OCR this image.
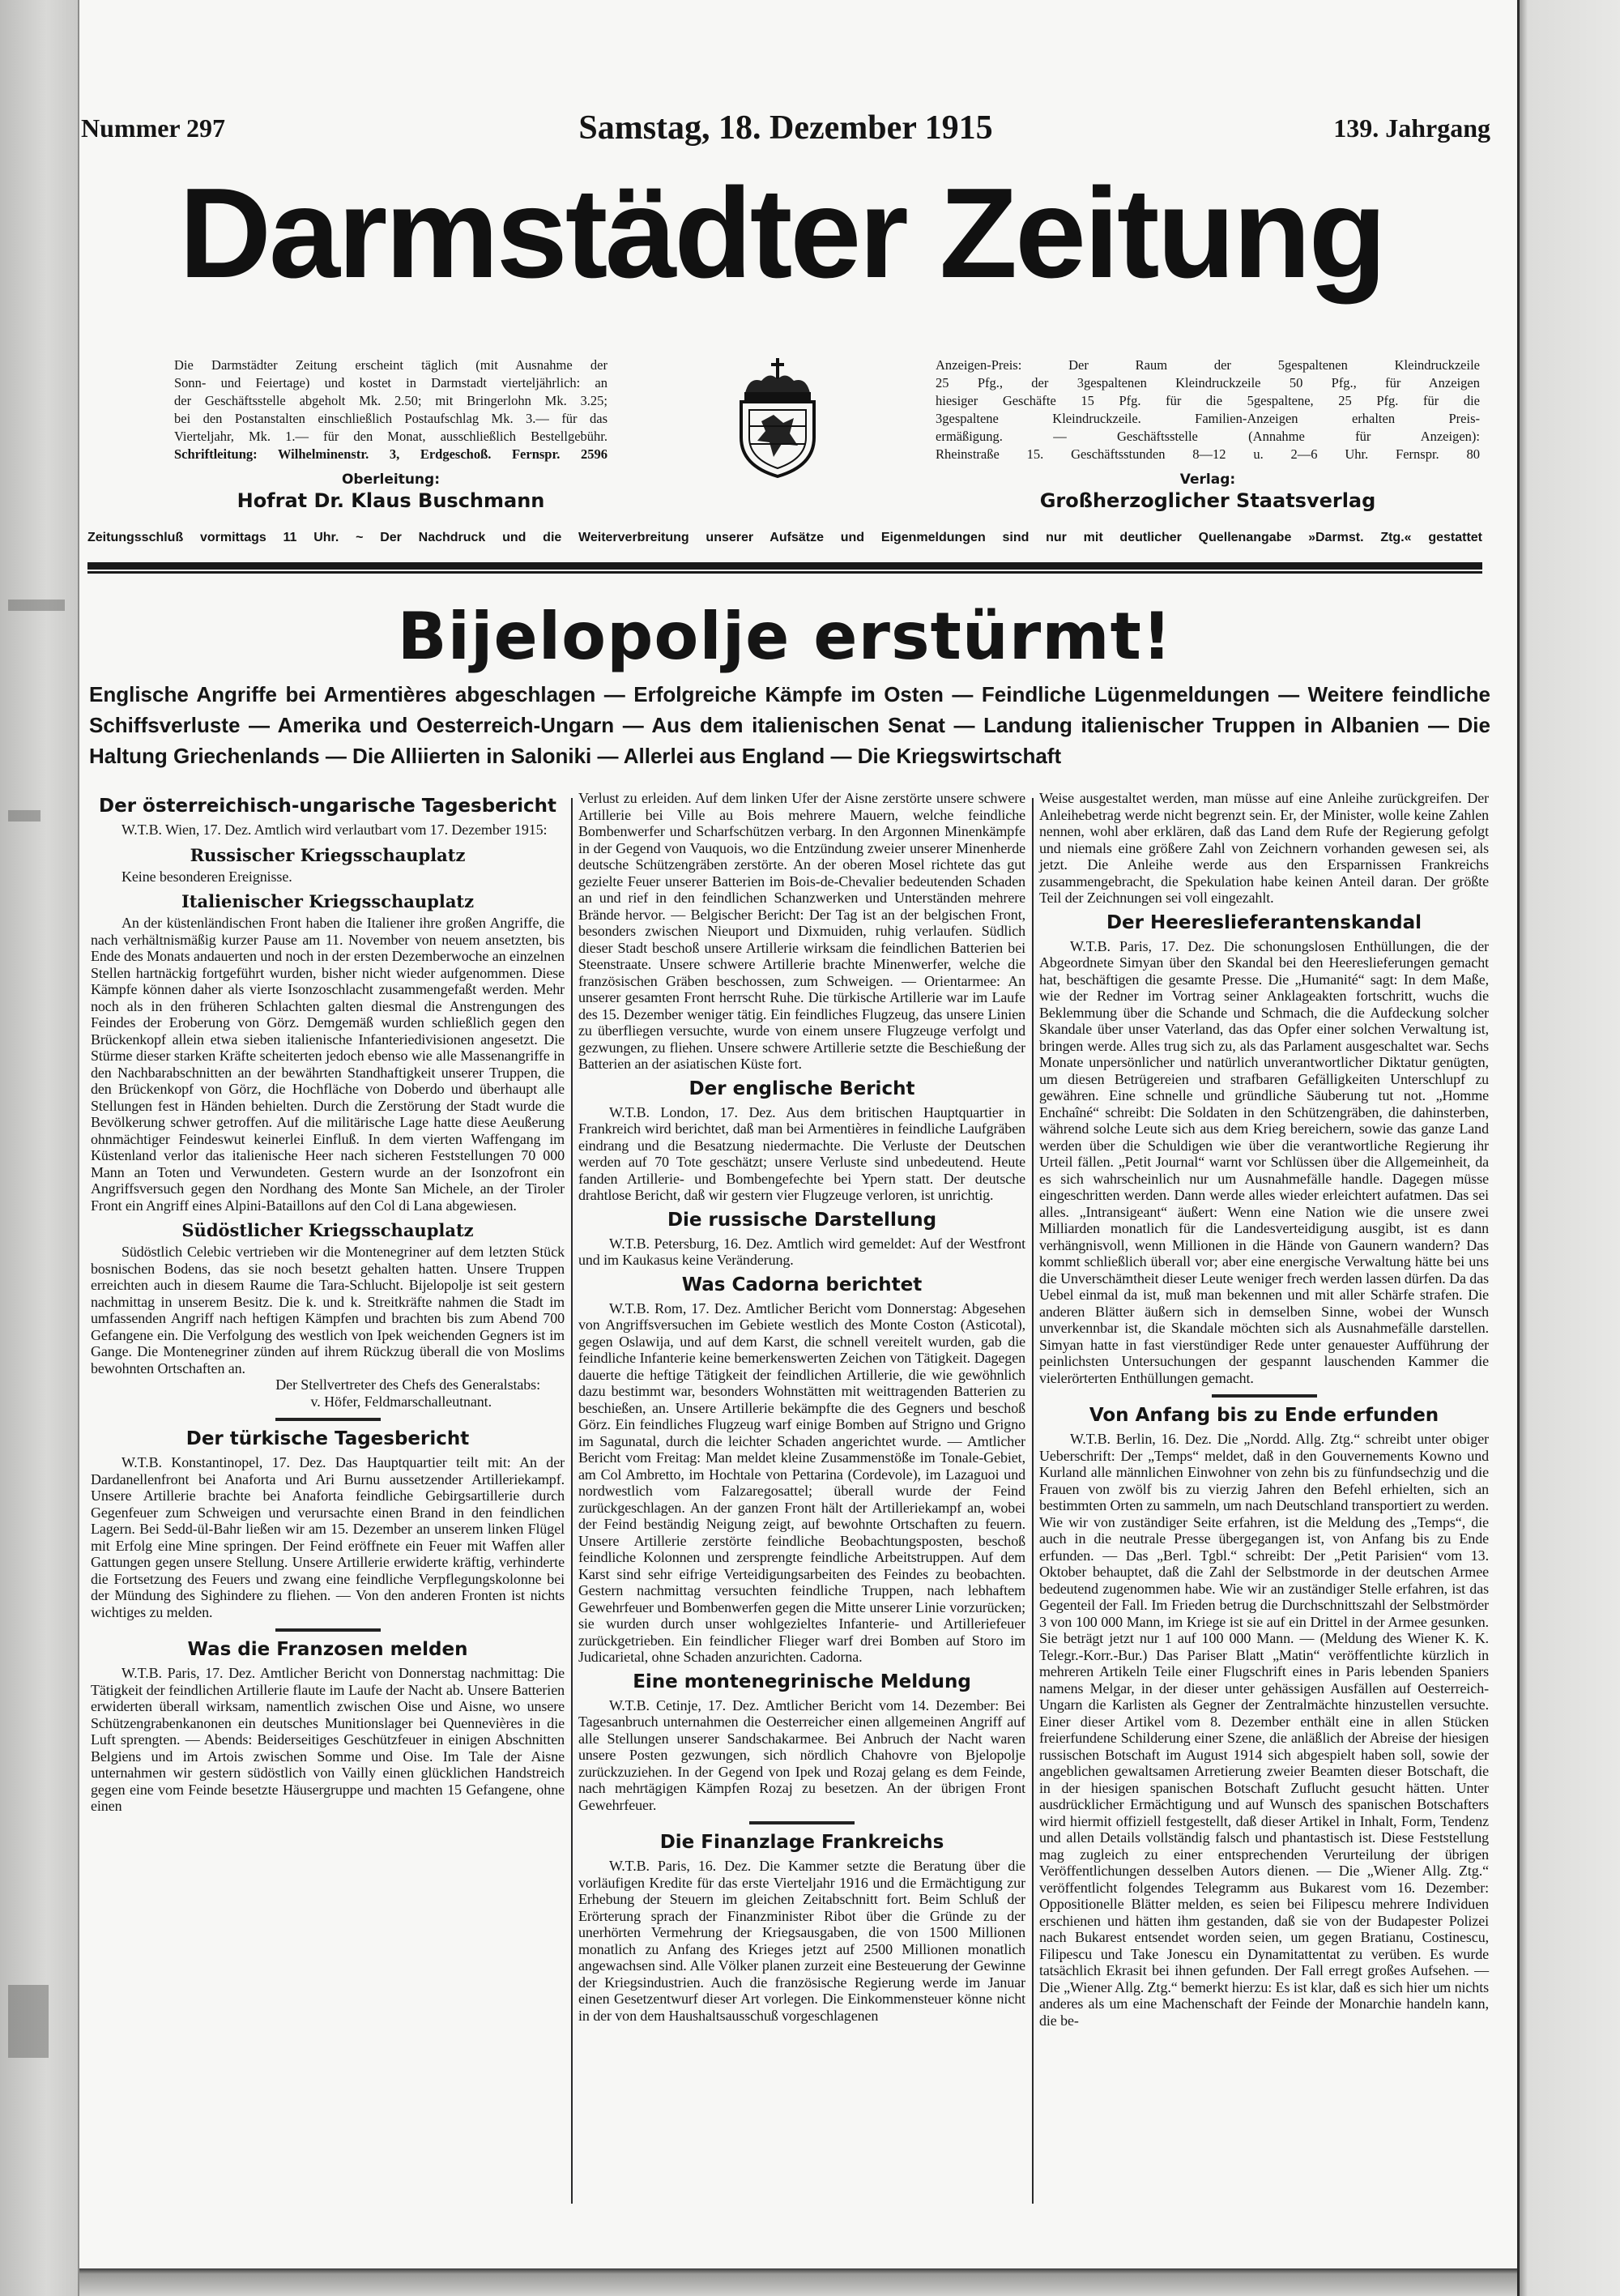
Nummer 297	Samstag, 18. Dezember 1915	139. Jahrgang
Darmstädter Zeitung
Die Darmstädter Zeitung erscheint täglich (mit Ausnahme der
Sonn- und Feiertage) und kostet in Darmstadt vierteljährlich: an
der Geschäftsstelle abgeholt Mk. 2.50; mit Bringerlohn Mk. 3.25;
bei den Postanstalten einschließlich Postaufschlag Mk. 3.— für das
Vierteljahr, Mk. 1.— für den Monat, ausschließlich Bestellgebühr.
Schriftleitung: Wilhelminenstr. 3, Erdgeschoß. Fernspr. 2596
Oberleitung:
Hofrat Dr. Klaus Buschmann
Anzeigen-Preis: Der Raum der 5gespaltenen Kleindruckzeile
25 Pfg., der 3gespaltenen Kleindruckzeile 50 Pfg., für Anzeigen
hiesiger Geschäfte 15 Pfg. für die 5gespaltene, 25 Pfg. für die
3gespaltene Kleindruckzeile. Familien-Anzeigen erhalten Preis-
ermäßigung. — Geschäftsstelle (Annahme für Anzeigen):
Rheinstraße 15. Geschäftsstunden 8—12 u. 2—6 Uhr. Fernspr. 80
Verlag:
Großherzoglicher Staatsverlag
Zeitungsschluß vormittags 11 Uhr. ~ Der Nachdruck und die Weiterverbreitung unserer Aufsätze und Eigenmeldungen sind nur mit deutlicher Quellenangabe »Darmst. Ztg.« gestattet
Bijelopolje erstürmt!
Englische Angriffe bei Armentières abgeschlagen — Erfolgreiche Kämpfe im Osten — Feindliche Lügenmeldungen — Weitere feindliche Schiffsverluste — Amerika und Oesterreich-Ungarn — Aus dem italienischen Senat — Landung italienischer Truppen in Albanien — Die Haltung Griechenlands — Die Alliierten in Saloniki — Allerlei aus England — Die Kriegswirtschaft
Der österreichisch-ungarische Tagesbericht

W.T.B. Wien, 17. Dez. Amtlich wird verlautbart vom 17. Dezember 1915:

Russischer Kriegsschauplatz

Keine besonderen Ereignisse.

Italienischer Kriegsschauplatz

An der küstenländischen Front haben die Italiener ihre großen Angriffe, die nach verhältnismäßig kurzer Pause am 11. November von neuem ansetzten, bis Ende des Monats andauerten und noch in der ersten Dezemberwoche an einzelnen Stellen hartnäckig fortgeführt wurden, bisher nicht wieder aufgenommen. Diese Kämpfe können daher als vierte Isonzoschlacht zusammengefaßt werden. Mehr noch als in den früheren Schlachten galten diesmal die Anstrengungen des Feindes der Eroberung von Görz. Demgemäß wurden schließlich gegen den Brückenkopf allein etwa sieben italienische Infanteriedivisionen angesetzt. Die Stürme dieser starken Kräfte scheiterten jedoch ebenso wie alle Massenangriffe in den Nachbarabschnitten an der bewährten Standhaftigkeit unserer Truppen, die den Brückenkopf von Görz, die Hochfläche von Doberdo und überhaupt alle Stellungen fest in Händen behielten. Durch die Zerstörung der Stadt wurde die Bevölkerung schwer getroffen. Auf die militärische Lage hatte diese Aeußerung ohnmächtiger Feindeswut keinerlei Einfluß. In dem vierten Waffengang im Küstenland verlor das italienische Heer nach sicheren Feststellungen 70 000 Mann an Toten und Verwundeten. Gestern wurde an der Isonzofront ein Angriffsversuch gegen den Nordhang des Monte San Michele, an der Tiroler Front ein Angriff eines Alpini-Bataillons auf den Col di Lana abgewiesen.

Südöstlicher Kriegsschauplatz

Südöstlich Celebic vertrieben wir die Montenegriner auf dem letzten Stück bosnischen Bodens, das sie noch besetzt gehalten hatten. Unsere Truppen erreichten auch in diesem Raume die Tara-Schlucht. Bijelopolje ist seit gestern nachmittag in unserem Besitz. Die k. und k. Streitkräfte nahmen die Stadt im umfassenden Angriff nach heftigen Kämpfen und brachten bis zum Abend 700 Gefangene ein. Die Verfolgung des westlich von Ipek weichenden Gegners ist im Gange. Die Montenegriner zünden auf ihrem Rückzug überall die von Moslims bewohnten Ortschaften an.

Der Stellvertreter des Chefs des Generalstabs:

v. Höfer, Feldmarschalleutnant.

Der türkische Tagesbericht

W.T.B. Konstantinopel, 17. Dez. Das Hauptquartier teilt mit: An der Dardanellenfront bei Anaforta und Ari Burnu aussetzender Artilleriekampf. Unsere Artillerie brachte bei Anaforta feindliche Gebirgsartillerie durch Gegenfeuer zum Schweigen und verursachte einen Brand in den feindlichen Lagern. Bei Sedd-ül-Bahr ließen wir am 15. Dezember an unserem linken Flügel mit Erfolg eine Mine springen. Der Feind eröffnete ein Feuer mit Waffen aller Gattungen gegen unsere Stellung. Unsere Artillerie erwiderte kräftig, verhinderte die Fortsetzung des Feuers und zwang eine feindliche Verpflegungskolonne bei der Mündung des Sighindere zu fliehen. — Von den anderen Fronten ist nichts wichtiges zu melden.

Was die Franzosen melden

W.T.B. Paris, 17. Dez. Amtlicher Bericht von Donnerstag nachmittag: Die Tätigkeit der feindlichen Artillerie flaute im Laufe der Nacht ab. Unsere Batterien erwiderten überall wirksam, namentlich zwischen Oise und Aisne, wo unsere Schützengrabenkanonen ein deutsches Munitionslager bei Quennevières in die Luft sprengten. — Abends: Beiderseitiges Geschützfeuer in einigen Abschnitten Belgiens und im Artois zwischen Somme und Oise. Im Tale der Aisne unternahmen wir gestern südöstlich von Vailly einen glücklichen Handstreich gegen eine vom Feinde besetzte Häusergruppe und machten 15 Gefangene, ohne einen

Verlust zu erleiden. Auf dem linken Ufer der Aisne zerstörte unsere schwere Artillerie bei Ville au Bois mehrere Mauern, welche feindliche Bombenwerfer und Scharfschützen verbarg. In den Argonnen Minenkämpfe in der Gegend von Vauquois, wo die Entzündung zweier unserer Minenherde deutsche Schützengräben zerstörte. An der oberen Mosel richtete das gut gezielte Feuer unserer Batterien im Bois-de-Chevalier bedeutenden Schaden an und rief in den feindlichen Schanzwerken und Unterständen mehrere Brände hervor. — Belgischer Bericht: Der Tag ist an der belgischen Front, besonders zwischen Nieuport und Dixmuiden, ruhig verlaufen. Südlich dieser Stadt beschoß unsere Artillerie wirksam die feindlichen Batterien bei Steenstraate. Unsere schwere Artillerie brachte Minenwerfer, welche die französischen Gräben beschossen, zum Schweigen. — Orientarmee: An unserer gesamten Front herrscht Ruhe. Die türkische Artillerie war im Laufe des 15. Dezember weniger tätig. Ein feindliches Flugzeug, das unsere Linien zu überfliegen versuchte, wurde von einem unsere Flugzeuge verfolgt und gezwungen, zu fliehen. Unsere schwere Artillerie setzte die Beschießung der Batterien an der asiatischen Küste fort.

Der englische Bericht

W.T.B. London, 17. Dez. Aus dem britischen Hauptquartier in Frankreich wird berichtet, daß man bei Armentières in feindliche Laufgräben eindrang und die Besatzung niedermachte. Die Verluste der Deutschen werden auf 70 Tote geschätzt; unsere Verluste sind unbedeutend. Heute fanden Artillerie- und Bombengefechte bei Ypern statt. Der deutsche drahtlose Bericht, daß wir gestern vier Flugzeuge verloren, ist unrichtig.

Die russische Darstellung

W.T.B. Petersburg, 16. Dez. Amtlich wird gemeldet: Auf der Westfront und im Kaukasus keine Veränderung.

Was Cadorna berichtet

W.T.B. Rom, 17. Dez. Amtlicher Bericht vom Donnerstag: Abgesehen von Angriffsversuchen im Gebiete westlich des Monte Coston (Asticotal), gegen Oslawija, und auf dem Karst, die schnell vereitelt wurden, gab die feindliche Infanterie keine bemerkenswerten Zeichen von Tätigkeit. Dagegen dauerte die heftige Tätigkeit der feindlichen Artillerie, die wie gewöhnlich dazu bestimmt war, besonders Wohnstätten mit weittragenden Batterien zu beschießen, an. Unsere Artillerie bekämpfte die des Gegners und beschoß Görz. Ein feindliches Flugzeug warf einige Bomben auf Strigno und Grigno im Sagunatal, durch die leichter Schaden angerichtet wurde. — Amtlicher Bericht vom Freitag: Man meldet kleine Zusammenstöße im Tonale-Gebiet, am Col Ambretto, im Hochtale von Pettarina (Cordevole), im Lazaguoi und nordwestlich vom Falzaregosattel; überall wurde der Feind zurückgeschlagen. An der ganzen Front hält der Artilleriekampf an, wobei der Feind beständig Neigung zeigt, auf bewohnte Ortschaften zu feuern. Unsere Artillerie zerstörte feindliche Beobachtungsposten, beschoß feindliche Kolonnen und zersprengte feindliche Arbeitstruppen. Auf dem Karst sind sehr eifrige Verteidigungsarbeiten des Feindes zu beobachten. Gestern nachmittag versuchten feindliche Truppen, nach lebhaftem Gewehrfeuer und Bombenwerfen gegen die Mitte unserer Linie vorzurücken; sie wurden durch unser wohlgezieltes Infanterie- und Artilleriefeuer zurückgetrieben. Ein feindlicher Flieger warf drei Bomben auf Storo im Judicarietal, ohne Schaden anzurichten. Cadorna.

Eine montenegrinische Meldung

W.T.B. Cetinje, 17. Dez. Amtlicher Bericht vom 14. Dezember: Bei Tagesanbruch unternahmen die Oesterreicher einen allgemeinen Angriff auf alle Stellungen unserer Sandschakarmee. Bei Anbruch der Nacht waren unsere Posten gezwungen, sich nördlich Chahovre von Bjelopolje zurückzuziehen. In der Gegend von Ipek und Rozaj gelang es dem Feinde, nach mehrtägigen Kämpfen Rozaj zu besetzen. An der übrigen Front Gewehrfeuer.

Die Finanzlage Frankreichs

W.T.B. Paris, 16. Dez. Die Kammer setzte die Beratung über die vorläufigen Kredite für das erste Vierteljahr 1916 und die Ermächtigung zur Erhebung der Steuern im gleichen Zeitabschnitt fort. Beim Schluß der Erörterung sprach der Finanzminister Ribot über die Gründe zu der unerhörten Vermehrung der Kriegsausgaben, die von 1500 Millionen monatlich zu Anfang des Krieges jetzt auf 2500 Millionen monatlich angewachsen sind. Alle Völker planen zurzeit eine Besteuerung der Gewinne der Kriegsindustrien. Auch die französische Regierung werde im Januar einen Gesetzentwurf dieser Art vorlegen. Die Einkommensteuer könne nicht in der von dem Haushaltsausschuß vorgeschlagenen

Weise ausgestaltet werden, man müsse auf eine Anleihe zurückgreifen. Der Anleihebetrag werde nicht begrenzt sein. Er, der Minister, wolle keine Zahlen nennen, wohl aber erklären, daß das Land dem Rufe der Regierung gefolgt und niemals eine größere Zahl von Zeichnern vorhanden gewesen sei, als jetzt. Die Anleihe werde aus den Ersparnissen Frankreichs zusammengebracht, die Spekulation habe keinen Anteil daran. Der größte Teil der Zeichnungen sei voll eingezahlt.

Der Heereslieferantenskandal

W.T.B. Paris, 17. Dez. Die schonungslosen Enthüllungen, die der Abgeordnete Simyan über den Skandal bei den Heereslieferungen gemacht hat, beschäftigen die gesamte Presse. Die „Humanité“ sagt: In dem Maße, wie der Redner im Vortrag seiner Anklageakten fortschritt, wuchs die Beklemmung über die Schande und Schmach, die die Aufdeckung solcher Skandale über unser Vaterland, das das Opfer einer solchen Verwaltung ist, bringen werde. Alles trug sich zu, als das Parlament ausgeschaltet war. Sechs Monate unpersönlicher und natürlich unverantwortlicher Diktatur genügten, um diesen Betrügereien und strafbaren Gefälligkeiten Unterschlupf zu gewähren. Eine schnelle und gründliche Säuberung tut not. „Homme Enchaîné“ schreibt: Die Soldaten in den Schützengräben, die dahinsterben, während solche Leute sich aus dem Krieg bereichern, sowie das ganze Land werden über die Schuldigen wie über die verantwortliche Regierung ihr Urteil fällen. „Petit Journal“ warnt vor Schlüssen über die Allgemeinheit, da es sich wahrscheinlich nur um Ausnahmefälle handle. Dagegen müsse eingeschritten werden. Dann werde alles wieder erleichtert aufatmen. Das sei alles. „Intransigeant“ äußert: Wenn eine Nation wie die unsere zwei Milliarden monatlich für die Landesverteidigung ausgibt, ist es dann verhängnisvoll, wenn Millionen in die Hände von Gaunern wandern? Das kommt schließlich überall vor; aber eine energische Verwaltung hätte bei uns die Unverschämtheit dieser Leute weniger frech werden lassen dürfen. Da das Uebel einmal da ist, muß man bekennen und mit aller Schärfe strafen. Die anderen Blätter äußern sich in demselben Sinne, wobei der Wunsch unverkennbar ist, die Skandale möchten sich als Ausnahmefälle darstellen. Simyan hatte in fast vierstündiger Rede unter genauester Aufführung der peinlichsten Untersuchungen der gespannt lauschenden Kammer die vielerörterten Enthüllungen gemacht.

Von Anfang bis zu Ende erfunden

W.T.B. Berlin, 16. Dez. Die „Nordd. Allg. Ztg.“ schreibt unter obiger Ueberschrift: Der „Temps“ meldet, daß in den Gouvernements Kowno und Kurland alle männlichen Einwohner von zehn bis zu fünfundsechzig und die Frauen von zwölf bis zu vierzig Jahren den Befehl erhielten, sich an bestimmten Orten zu sammeln, um nach Deutschland transportiert zu werden. Wie wir von zuständiger Seite erfahren, ist die Meldung des „Temps“, die auch in die neutrale Presse übergegangen ist, von Anfang bis zu Ende erfunden. — Das „Berl. Tgbl.“ schreibt: Der „Petit Parisien“ vom 13. Oktober behauptet, daß die Zahl der Selbstmorde in der deutschen Armee bedeutend zugenommen habe. Wie wir an zuständiger Stelle erfahren, ist das Gegenteil der Fall. Im Frieden betrug die Durchschnittszahl der Selbstmörder 3 von 100 000 Mann, im Kriege ist sie auf ein Drittel in der Armee gesunken. Sie beträgt jetzt nur 1 auf 100 000 Mann. — (Meldung des Wiener K. K. Telegr.-Korr.-Bur.) Das Pariser Blatt „Matin“ veröffentlichte kürzlich in mehreren Artikeln Teile einer Flugschrift eines in Paris lebenden Spaniers namens Melgar, in der dieser unter gehässigen Ausfällen auf Oesterreich-Ungarn die Karlisten als Gegner der Zentralmächte hinzustellen versuchte. Einer dieser Artikel vom 8. Dezember enthält eine in allen Stücken freierfundene Schilderung einer Szene, die anläßlich der Abreise der hiesigen russischen Botschaft im August 1914 sich abgespielt haben soll, sowie der angeblichen gewaltsamen Arretierung zweier Beamten dieser Botschaft, die in der hiesigen spanischen Botschaft Zuflucht gesucht hätten. Unter ausdrücklicher Ermächtigung und auf Wunsch des spanischen Botschafters wird hiermit offiziell festgestellt, daß dieser Artikel in Inhalt, Form, Tendenz und allen Details vollständig falsch und phantastisch ist. Diese Feststellung mag zugleich zu einer entsprechenden Verurteilung der übrigen Veröffentlichungen desselben Autors dienen. — Die „Wiener Allg. Ztg.“ veröffentlicht folgendes Telegramm aus Bukarest vom 16. Dezember: Oppositionelle Blätter melden, es seien bei Filipescu mehrere Individuen erschienen und hätten ihm gestanden, daß sie von der Budapester Polizei nach Bukarest entsendet worden seien, um gegen Bratianu, Costinescu, Filipescu und Take Jonescu ein Dynamitattentat zu verüben. Es wurde tatsächlich Ekrasit bei ihnen gefunden. Der Fall erregt großes Aufsehen. — Die „Wiener Allg. Ztg.“ bemerkt hierzu: Es ist klar, daß es sich hier um nichts anderes als um eine Machenschaft der Feinde der Monarchie handeln kann, die be-
